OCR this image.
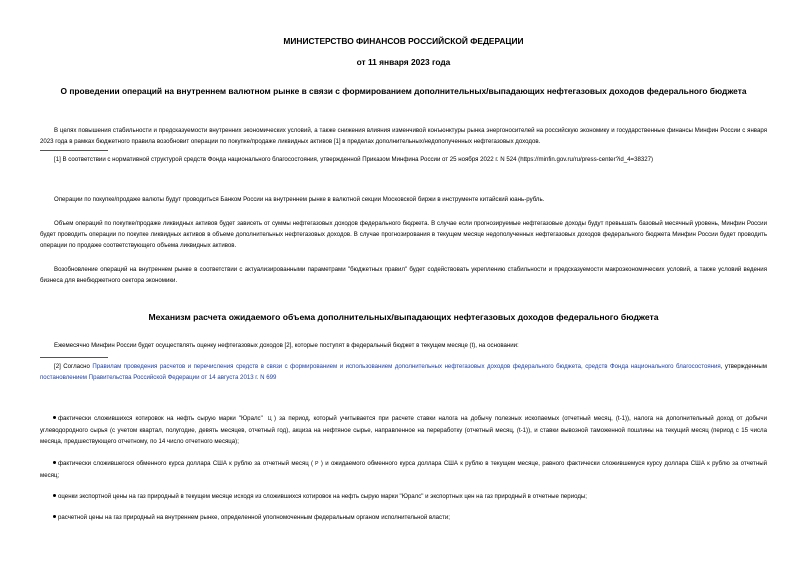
МИНИСТЕРСТВО ФИНАНСОВ РОССИЙСКОЙ ФЕДЕРАЦИИ
от 11 января 2023 года
О проведении операций на внутреннем валютном рынке в связи с формированием дополнительных/выпадающих нефтегазовых доходов федерального бюджета
В целях повышения стабильности и предсказуемости внутренних экономических условий, а также снижения влияния изменчивой конъюнктуры рынка энергоносителей на российскую экономику и государственные финансы Минфин России с января 2023 года в рамках бюджетного правила возобновит операции по покупке/продаже ликвидных активов [1] в пределах дополнительных/недополученных нефтегазовых доходов.
[1] В соответствии с нормативной структурой средств Фонда национального благосостояния, утвержденной Приказом Минфина России от 25 ноября 2022 г. N 524 (https://minfin.gov.ru/ru/press-center?id_4=38327)
Операции по покупке/продаже валюты будут проводиться Банком России на внутреннем рынке в валютной секции Московской биржи в инструменте китайский юань-рубль.
Объем операций по покупке/продаже ликвидных активов будет зависеть от суммы нефтегазовых доходов федерального бюджета. В случае если прогнозируемые нефтегазовые доходы будут превышать базовый месячный уровень, Минфин России будет проводить операции по покупке ликвидных активов в объеме дополнительных нефтегазовых доходов. В случае прогнозирования в текущем месяце недополученных нефтегазовых доходов федерального бюджета Минфин России будет проводить операции по продаже соответствующего объема ликвидных активов.
Возобновление операций на внутреннем рынке в соответствии с актуализированными параметрами "бюджетных правил" будет содействовать укреплению стабильности и предсказуемости макроэкономических условий, а также условий ведения бизнеса для внебюджетного сектора экономики.
Механизм расчета ожидаемого объема дополнительных/выпадающих нефтегазовых доходов федерального бюджета
Ежемесячно Минфин России будет осуществлять оценку нефтегазовых доходов [2], которые поступят в федеральный бюджет в текущем месяце (t), на основании:
[2] Согласно Правилам проведения расчетов и перечисления средств в связи с формированием и использованием дополнительных нефтегазовых доходов федерального бюджета, средств Фонда национального благосостояния, утвержденным постановлением Правительства Российской Федерации от 14 августа 2013 г. N 699
фактически сложившихся котировок на нефть сырую марки "Юралс" Ц ) за период, который учитывается при расчете ставки налога на добычу полезных ископаемых (отчетный месяц, (t-1)), налога на дополнительный доход от добычи углеводородного сырья (с учетом квартал, полугодие, девять месяцев, отчетный год), акциза на нефтяное сырье, направленное на переработку (отчетный месяц, (t-1)), и ставки вывозной таможенной пошлины на текущий месяц (период с 15 числа месяца, предшествующего отчетному, по 14 число отчетного месяца);
фактически сложившегося обменного курса доллара США к рублю за отчетный месяц ( Р ) и ожидаемого обменного курса доллара США к рублю в текущем месяце, равного фактически сложившемуся курсу доллара США к рублю за отчетный месяц;
оценки экспортной цены на газ природный в текущем месяце исходя из сложившихся котировок на нефть сырую марки "Юралс" и экспортных цен на газ природный в отчетные периоды;
расчетной цены на газ природный на внутреннем рынке, определенной уполномоченным федеральным органом исполнительной власти;
